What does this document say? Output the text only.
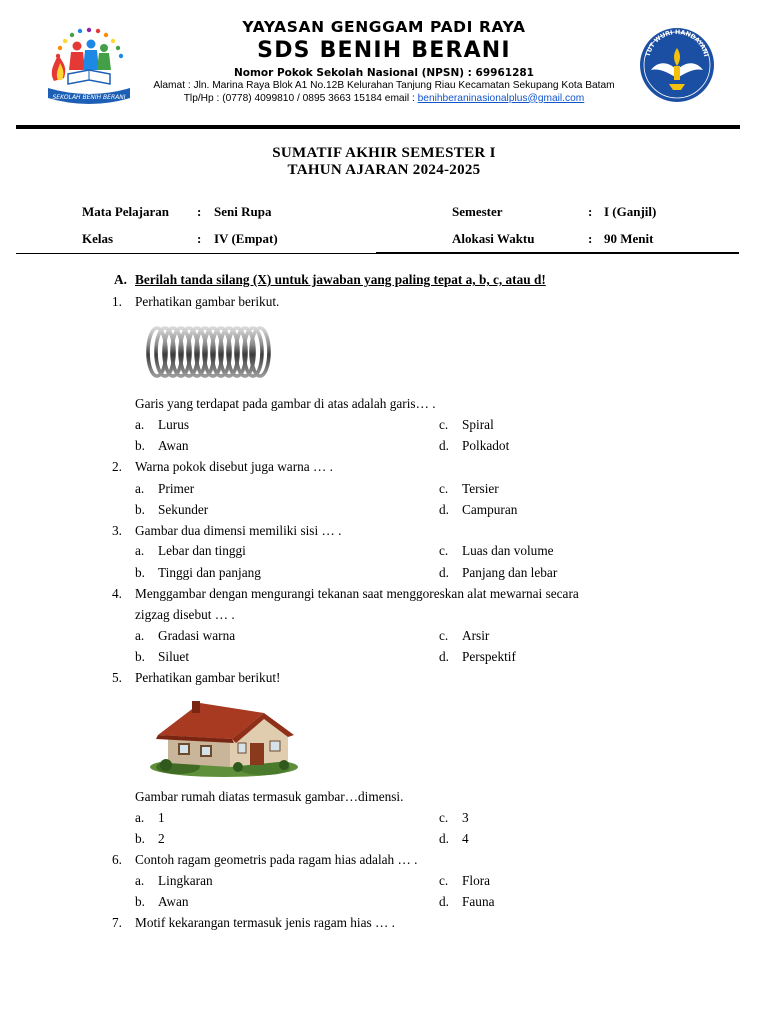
SEKOLAH BENIH BERANI
YAYASAN GENGGAM PADI RAYA
SDS BENIH BERANI
Nomor Pokok Sekolah Nasional (NPSN) : 69961281
Alamat : Jln. Marina Raya Blok A1 No.12B Kelurahan Tanjung Riau Kecamatan Sekupang Kota Batam
Tlp/Hp : (0778) 4099810 / 0895 3663 15184 email : benihberaninasionalplus@gmail.com
TUT WURI HANDAYANI
SUMATIF AKHIR SEMESTER I
TAHUN AJARAN 2024-2025
Mata Pelajaran : Seni Rupa
Kelas	: IV (Empat)
Semester	: I (Ganjil)
Alokasi Waktu	: 90 Menit
A. Berilah tanda silang (X) untuk jawaban yang paling tepat a, b, c, atau d!
1. Perhatikan gambar berikut.
Garis yang terdapat pada gambar di atas adalah garis… .
a. Lurus
b. Awan
c. Spiral
d. Polkadot
2. Warna pokok disebut juga warna … .
a. Primer
b. Sekunder
c. Tersier
d. Campuran
3. Gambar dua dimensi memiliki sisi … .
a. Lebar dan tinggi
b. Tinggi dan panjang
c. Luas dan volume
d. Panjang dan lebar
4. Menggambar dengan mengurangi tekanan saat menggoreskan alat mewarnai secara
zigzag disebut … .
a. Gradasi warna
b. Siluet
c. Arsir
d. Perspektif
5. Perhatikan gambar berikut!
Gambar rumah diatas termasuk gambar…dimensi.
a. 1
b. 2
c. 3
d. 4
6. Contoh ragam geometris pada ragam hias adalah … .
a. Lingkaran
b. Awan
c. Flora
d. Fauna
7. Motif kekarangan termasuk jenis ragam hias … .
